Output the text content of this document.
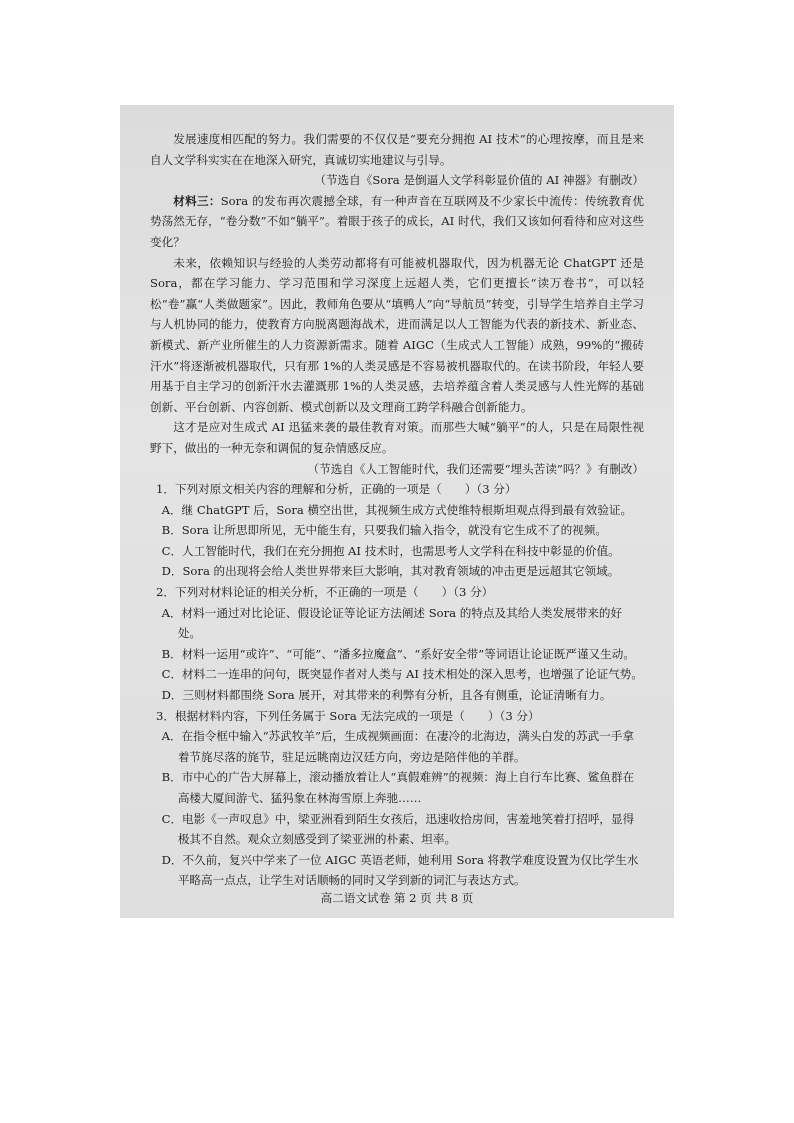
发展速度相匹配的努力。我们需要的不仅仅是“要充分拥抱 AI 技术”的心理按摩，而且是来自人文学科实实在在地深入研究，真诚切实地建议与引导。

（节选自《Sora 是倒逼人文学科彰显价值的 AI 神器》有删改）

材料三：Sora 的发布再次震撼全球，有一种声音在互联网及不少家长中流传：传统教育优势荡然无存，“卷分数”不如“躺平”。着眼于孩子的成长，AI 时代，我们又该如何看待和应对这些变化？

未来，依赖知识与经验的人类劳动都将有可能被机器取代，因为机器无论 ChatGPT 还是 Sora，都在学习能力、学习范围和学习深度上远超人类，它们更擅长“读万卷书”，可以轻松“卷”赢“人类做题家”。因此，教师角色要从“填鸭人”向“导航员”转变，引导学生培养自主学习与人机协同的能力，使教育方向脱离题海战术，进而满足以人工智能为代表的新技术、新业态、新模式、新产业所催生的人力资源新需求。随着 AIGC（生成式人工智能）成熟，99%的“搬砖汗水”将逐渐被机器取代，只有那 1%的人类灵感是不容易被机器取代的。在读书阶段，年轻人要用基于自主学习的创新汗水去灌溉那 1%的人类灵感，去培养蕴含着人类灵感与人性光辉的基础创新、平台创新、内容创新、模式创新以及文理商工跨学科融合创新能力。

这才是应对生成式 AI 迅猛来袭的最佳教育对策。而那些大喊“躺平”的人，只是在局限性视野下，做出的一种无奈和调侃的复杂情感反应。

（节选自《人工智能时代，我们还需要“埋头苦读”吗？》有删改）

1．下列对原文相关内容的理解和分析，正确的一项是（　　）（3 分）

A．继 ChatGPT 后，Sora 横空出世，其视频生成方式使维特根斯坦观点得到最有效验证。

B．Sora 让所思即所见，无中能生有，只要我们输入指令，就没有它生成不了的视频。

C．人工智能时代，我们在充分拥抱 AI 技术时，也需思考人文学科在科技中彰显的价值。

D．Sora 的出现将会给人类世界带来巨大影响，其对教育领域的冲击更是远超其它领域。

2．下列对材料论证的相关分析，不正确的一项是（　　）（3 分）

A．材料一通过对比论证、假设论证等论证方法阐述 Sora 的特点及其给人类发展带来的好处。

B．材料一运用“或许”、“可能”、“潘多拉魔盒”、“系好安全带”等词语让论证既严谨又生动。

C．材料二一连串的问句，既突显作者对人类与 AI 技术相处的深入思考，也增强了论证气势。

D．三则材料都围绕 Sora 展开，对其带来的利弊有分析，且各有侧重，论证清晰有力。

3．根据材料内容，下列任务属于 Sora 无法完成的一项是（　　）（3 分）

A．在指令框中输入“苏武牧羊”后，生成视频画面：在凄冷的北海边，满头白发的苏武一手拿着节旄尽落的旄节，驻足远眺南边汉廷方向，旁边是陪伴他的羊群。

B．市中心的广告大屏幕上，滚动播放着让人“真假难辨”的视频：海上自行车比赛、鲨鱼群在高楼大厦间游弋、猛犸象在林海雪原上奔驰……

C．电影《一声叹息》中，梁亚洲看到陌生女孩后，迅速收拾房间，害羞地笑着打招呼，显得极其不自然。观众立刻感受到了梁亚洲的朴素、坦率。

D．不久前，复兴中学来了一位 AIGC 英语老师，她利用 Sora 将教学难度设置为仅比学生水平略高一点点，让学生对话顺畅的同时又学到新的词汇与表达方式。

高二语文试卷 第 2 页 共 8 页
